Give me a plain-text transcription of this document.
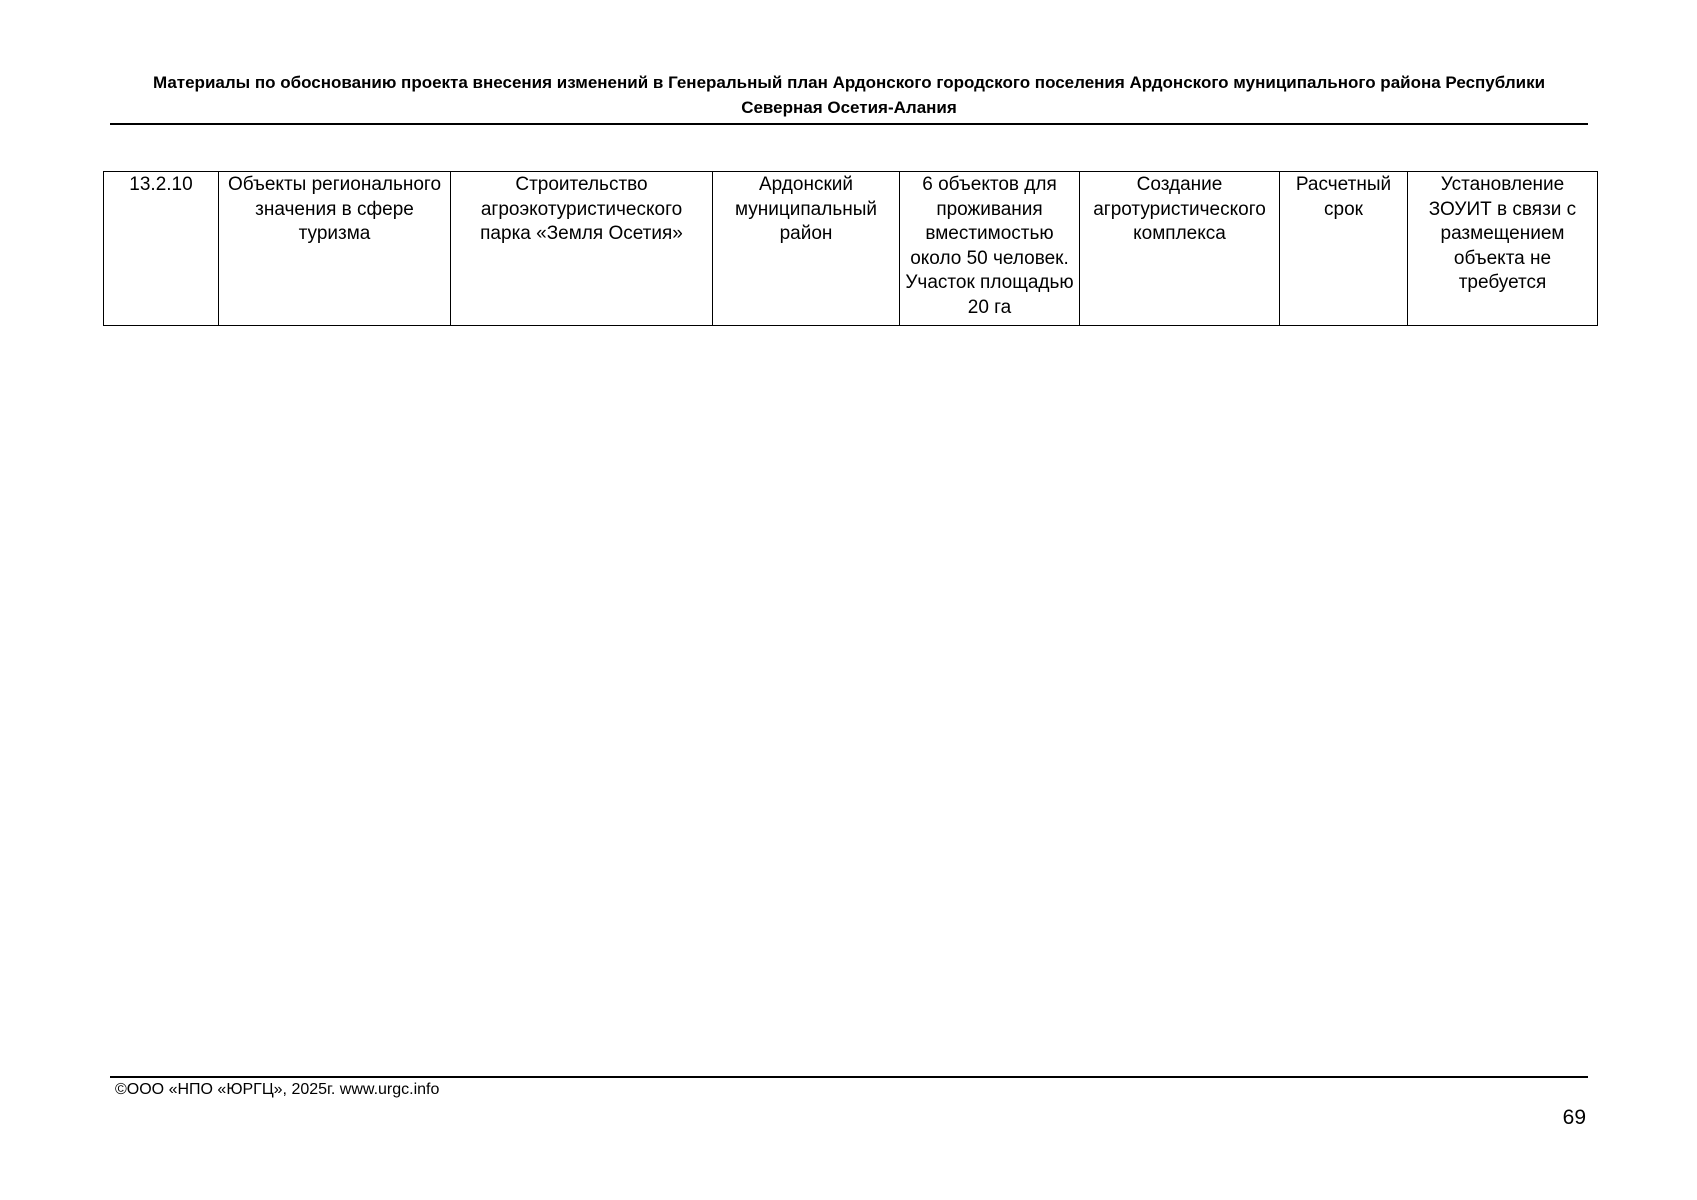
Материалы по обоснованию проекта внесения изменений в Генеральный план Ардонского городского поселения Ардонского муниципального района Республики
Северная Осетия-Алания
13.2.10	Объекты регионального значения в сфере туризма	Строительство агроэкотуристического парка «Земля Осетия»	Ардонский муниципальный район	6 объектов для проживания вместимостью около 50 человек. Участок площадью 20 га	Создание агротуристического комплекса	Расчетный срок	Установление ЗОУИТ в связи с размещением объекта не требуется
©ООО «НПО «ЮРГЦ», 2025г. www.urgc.info
69
